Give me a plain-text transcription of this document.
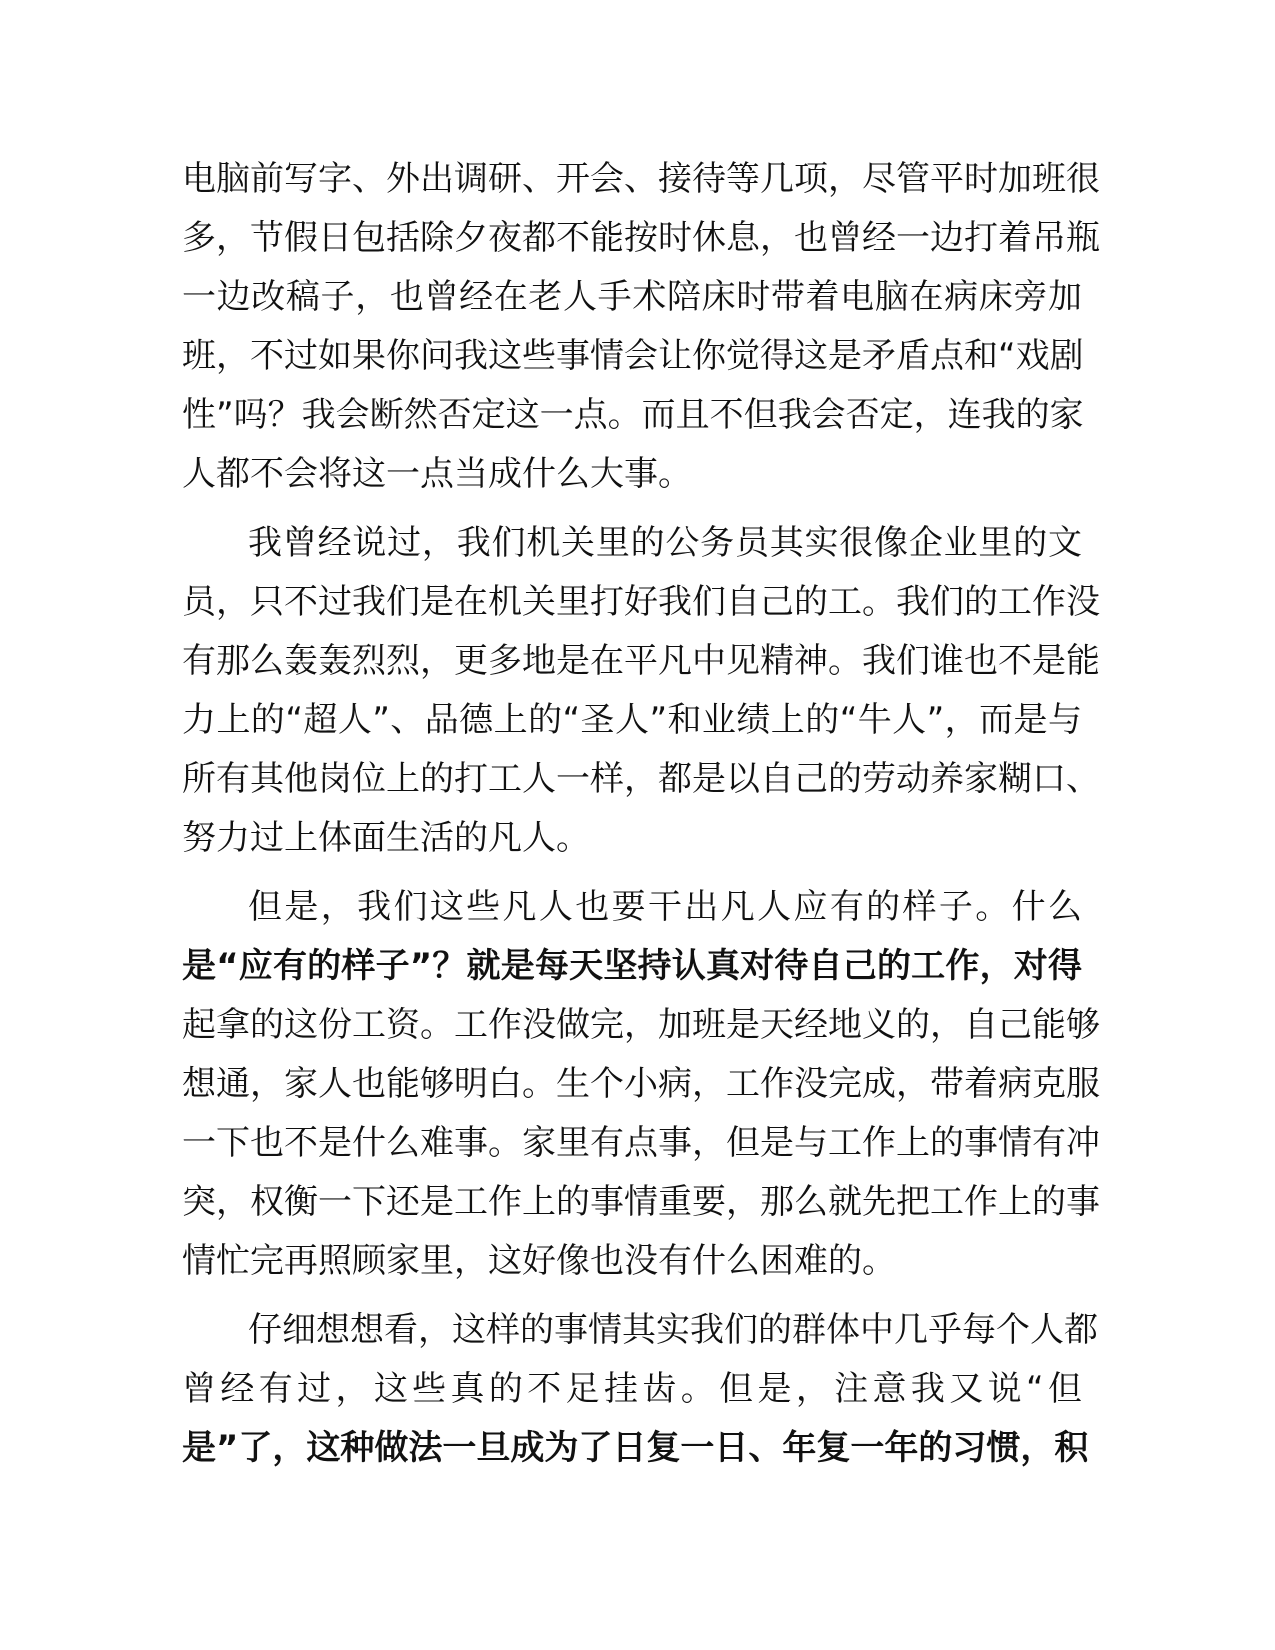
电脑前写字、外出调研、开会、接待等几项，尽管平时加班很
多，节假日包括除夕夜都不能按时休息，也曾经一边打着吊瓶
一边改稿子，也曾经在老人手术陪床时带着电脑在病床旁加
班，不过如果你问我这些事情会让你觉得这是矛盾点和“戏剧
性”吗？我会断然否定这一点。而且不但我会否定，连我的家
人都不会将这一点当成什么大事。
我曾经说过，我们机关里的公务员其实很像企业里的文
员，只不过我们是在机关里打好我们自己的工。我们的工作没
有那么轰轰烈烈，更多地是在平凡中见精神。我们谁也不是能
力上的“超人”、品德上的“圣人”和业绩上的“牛人”，而是与
所有其他岗位上的打工人一样，都是以自己的劳动养家糊口、
努力过上体面生活的凡人。
但是，我们这些凡人也要干出凡人应有的样子。什么
是“应有的样子”？就是每天坚持认真对待自己的工作，对得
起拿的这份工资。工作没做完，加班是天经地义的，自己能够
想通，家人也能够明白。生个小病，工作没完成，带着病克服
一下也不是什么难事。家里有点事，但是与工作上的事情有冲
突，权衡一下还是工作上的事情重要，那么就先把工作上的事
情忙完再照顾家里，这好像也没有什么困难的。
仔细想想看，这样的事情其实我们的群体中几乎每个人都
曾经有过，这些真的不足挂齿。但是，注意我又说“但
是”了，这种做法一旦成为了日复一日、年复一年的习惯，积
